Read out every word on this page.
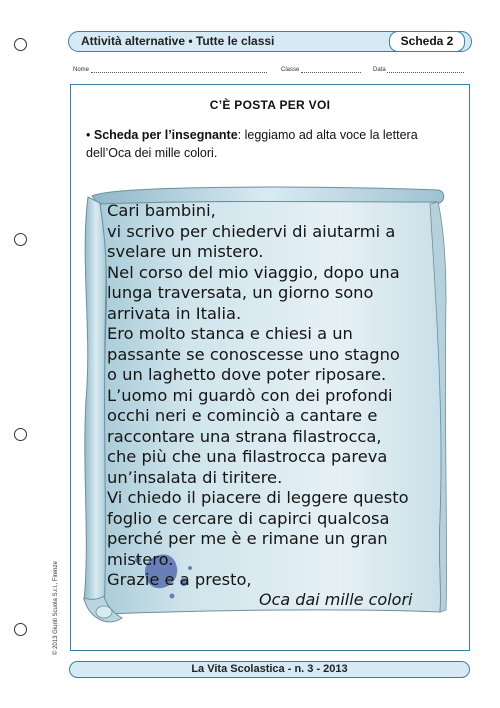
Attività alternative • Tutte le classi	Scheda 2
Nome	Classe	Data
C’È POSTA PER VOI
• Scheda per l’insegnante: leggiamo ad alta voce la lettera dell’Oca dei mille colori.

Cari bambini,

vi scrivo per chiedervi di aiutarmi a

svelare un mistero.

Nel corso del mio viaggio, dopo una

lunga traversata, un giorno sono

arrivata in Italia.

Ero molto stanca e chiesi a un

passante se conoscesse uno stagno

o un laghetto dove poter riposare.

L’uomo mi guardò con dei profondi

occhi neri e cominciò a cantare e

raccontare una strana filastrocca,

che più che una filastrocca pareva

un’insalata di tiritere.

Vi chiedo il piacere di leggere questo

foglio e cercare di capirci qualcosa

perché per me è e rimane un gran

mistero.

Grazie e a presto,

Oca dai mille colori
© 2013 Giunti Scuola S.r.l., Firenze
La Vita Scolastica - n. 3 - 2013
